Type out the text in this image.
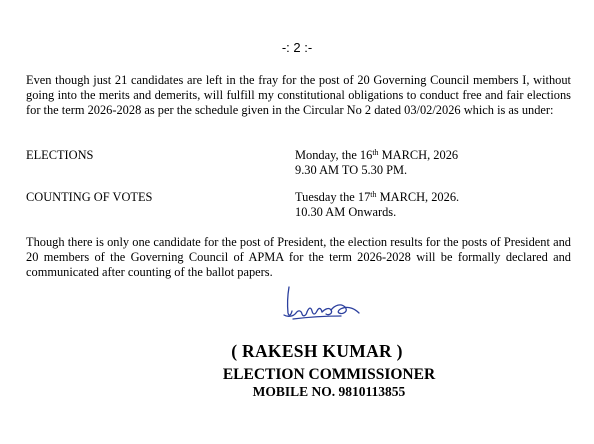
-: 2 :-
Even though just 21 candidates are left in the fray for the post of 20 Governing Council members I, without going into the merits and demerits, will fulfill my constitutional obligations to conduct free and fair elections for the term 2026-2028 as per the schedule given in the Circular No 2 dated 03/02/2026 which is as under:
ELECTIONS	Monday, the 16th MARCH, 2026
9.30 AM TO 5.30 PM.
COUNTING OF VOTES	Tuesday the 17th MARCH, 2026.
10.30 AM Onwards.
Though there is only one candidate for the post of President, the election results for the posts of President and 20 members of the Governing Council of APMA for the term 2026-2028 will be formally declared and communicated after counting of the ballot papers.
( RAKESH KUMAR )
ELECTION COMMISSIONER
MOBILE NO. 9810113855
